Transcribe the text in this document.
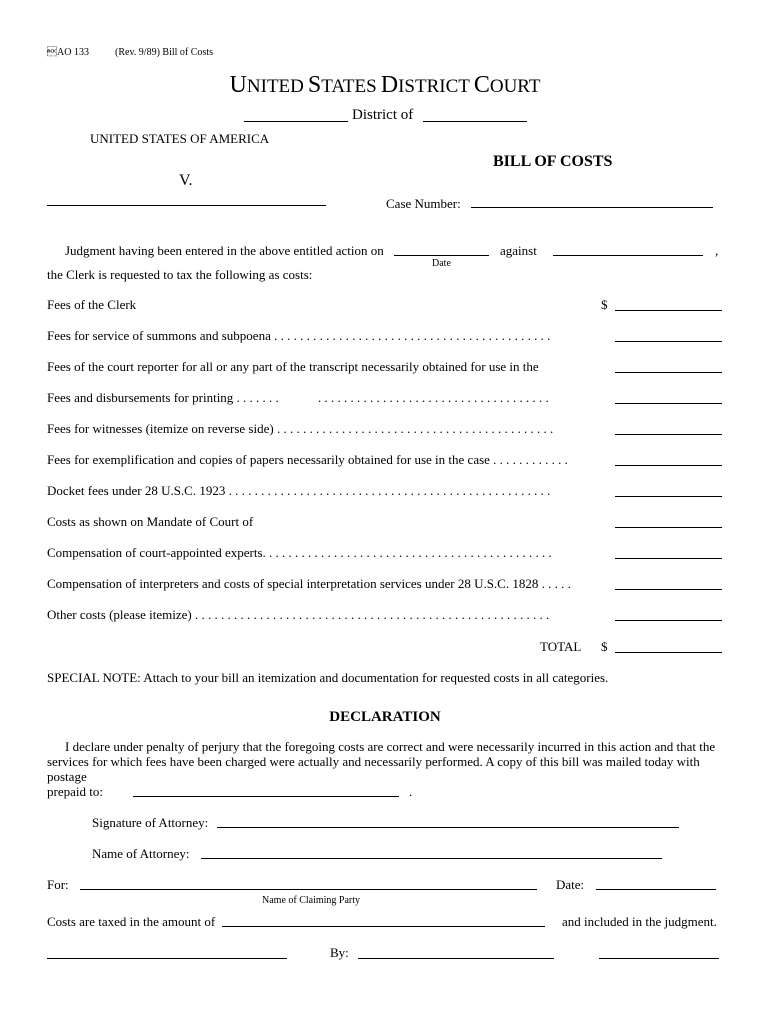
AO 133	(Rev. 9/89) Bill of Costs
UNITED STATES DISTRICT COURT
District of
UNITED STATES OF AMERICA
BILL OF COSTS
V.
Case Number:
Judgment having been entered in the above entitled action on	against	,
Date
the Clerk is requested to tax the following as costs:
Fees of the Clerk	$
Fees for service of summons and subpoena . . . . . . . . . . . . . . . . . . . . . . . . . . . . . . . . . . . . . . . . . . .
Fees of the court reporter for all or any part of the transcript necessarily obtained for use in the
Fees and disbursements for printing . . . . . . .	. . . . . . . . . . . . . . . . . . . . . . . . . . . . . . . . . . . .
Fees for witnesses (itemize on reverse side) . . . . . . . . . . . . . . . . . . . . . . . . . . . . . . . . . . . . . . . . . . .
Fees for exemplification and copies of papers necessarily obtained for use in the case . . . . . . . . . . . .
Docket fees under 28 U.S.C. 1923 . . . . . . . . . . . . . . . . . . . . . . . . . . . . . . . . . . . . . . . . . . . . . . . . . .
Costs as shown on Mandate of Court of
Compensation of court-appointed experts. . . . . . . . . . . . . . . . . . . . . . . . . . . . . . . . . . . . . . . . . . . . .
Compensation of interpreters and costs of special interpretation services under 28 U.S.C. 1828 . . . . .
Other costs (please itemize) . . . . . . . . . . . . . . . . . . . . . . . . . . . . . . . . . . . . . . . . . . . . . . . . . . . . . . .
TOTAL $
SPECIAL NOTE: Attach to your bill an itemization and documentation for requested costs in all categories.
DECLARATION
I declare under penalty of perjury that the foregoing costs are correct and were necessarily incurred in this action and that the
services for which fees have been charged were actually and necessarily performed. A copy of this bill was mailed today with
postage
prepaid to:	.
Signature of Attorney:
Name of Attorney:
For:	Date:
Name of Claiming Party
Costs are taxed in the amount of	and included in the judgment.
By:
